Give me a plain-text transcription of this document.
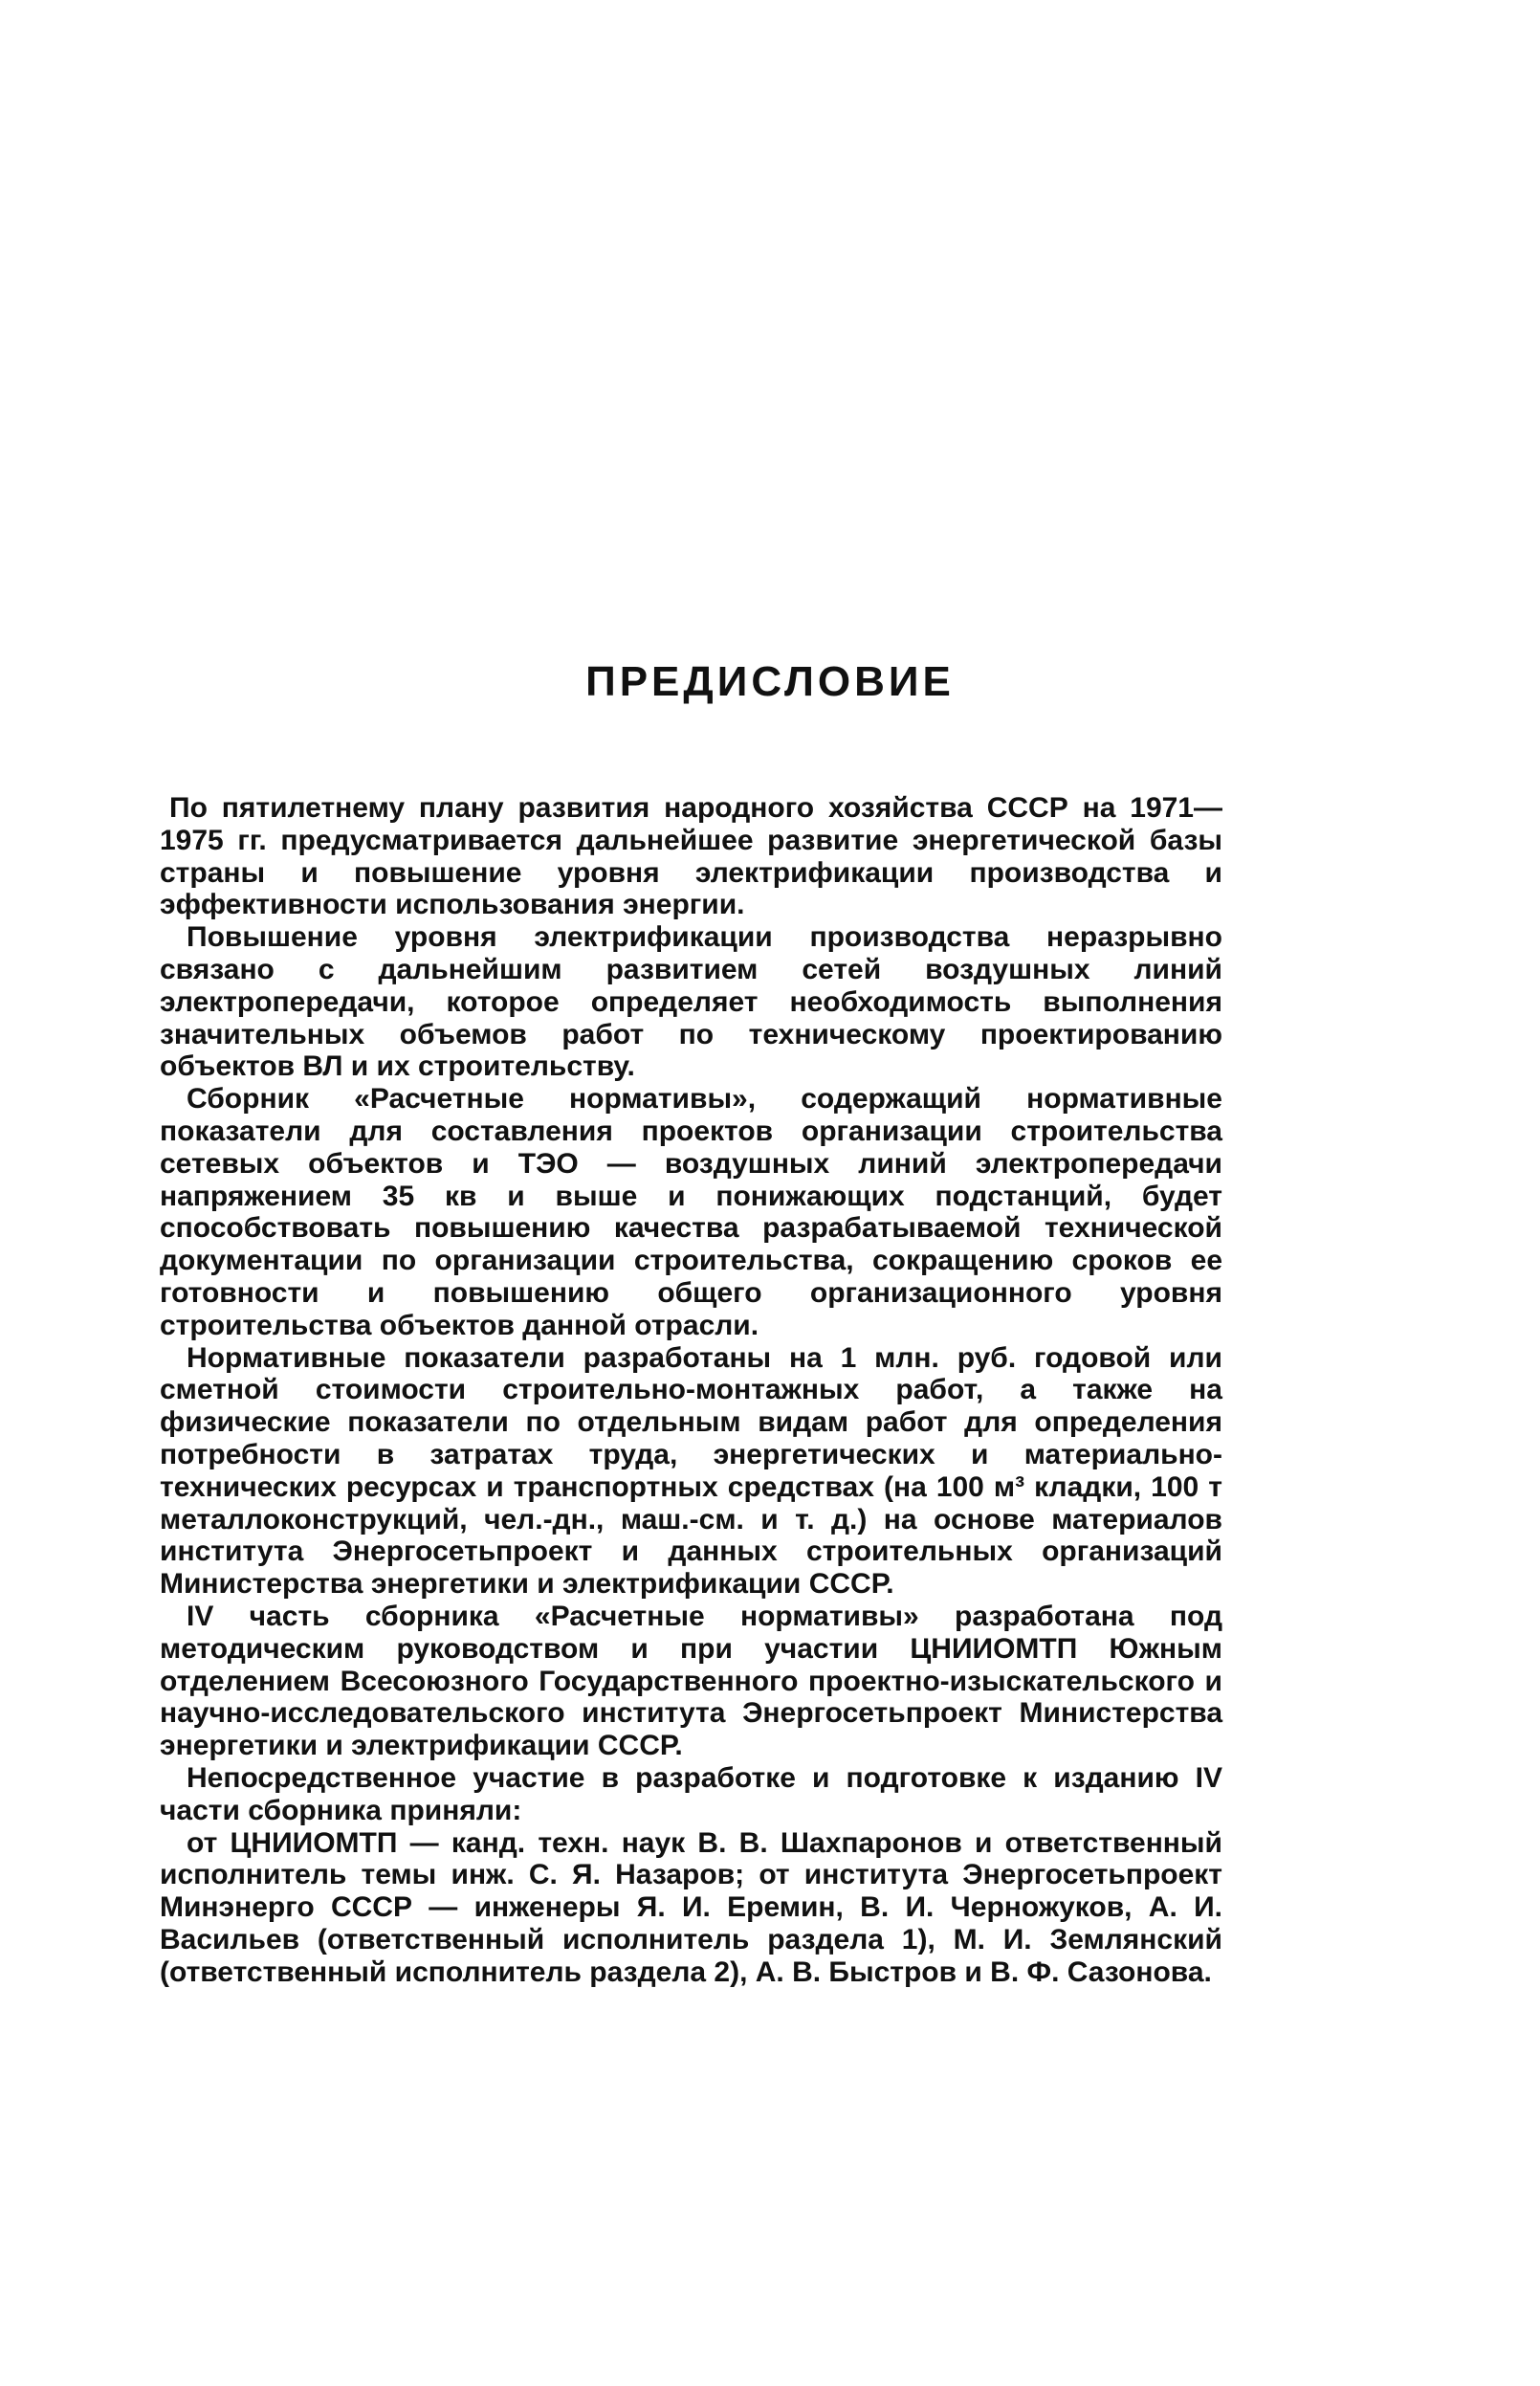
ПРЕДИСЛОВИЕ

По пятилетнему плану развития народного хозяйства СССР на 1971—1975 гг. предусматривается дальнейшее развитие энергетической базы страны и повышение уровня электрификации производства и эффективности использования энергии.

Повышение уровня электрификации производства неразрывно связано с дальнейшим развитием сетей воздушных линий электропередачи, которое определяет необходимость выполнения значительных объемов работ по техническому проектированию объектов ВЛ и их строительству.

Сборник «Расчетные нормативы», содержащий нормативные показатели для составления проектов организации строительства сетевых объектов и ТЭО — воздушных линий электропередачи напряжением 35 кв и выше и понижающих подстанций, будет способствовать повышению качества разрабатываемой технической документации по организации строительства, сокращению сроков ее готовности и повышению общего организационного уровня строительства объектов данной отрасли.

Нормативные показатели разработаны на 1 млн. руб. годовой или сметной стоимости строительно-монтажных работ, а также на физические показатели по отдельным видам работ для определения потребности в затратах труда, энергетических и материально-технических ресурсах и транспортных средствах (на 100 м³ кладки, 100 т металлоконструкций, чел.-дн., маш.-см. и т. д.) на основе материалов института Энергосетьпроект и данных строительных организаций Министерства энергетики и электрификации СССР.

IV часть сборника «Расчетные нормативы» разработана под методическим руководством и при участии ЦНИИОМТП Южным отделением Всесоюзного Государственного проектно-изыскательского и научно-исследовательского института Энергосетьпроект Министерства энергетики и электрификации СССР.

Непосредственное участие в разработке и подготовке к изданию IV части сборника приняли:

от ЦНИИОМТП — канд. техн. наук В. В. Шахпаронов и ответственный исполнитель темы инж. С. Я. Назаров; от института Энергосетьпроект Минэнерго СССР — инженеры Я. И. Еремин, В. И. Черножуков, А. И. Васильев (ответственный исполнитель раздела 1), М. И. Землянский (ответственный исполнитель раздела 2), А. В. Быстров и В. Ф. Сазонова.
